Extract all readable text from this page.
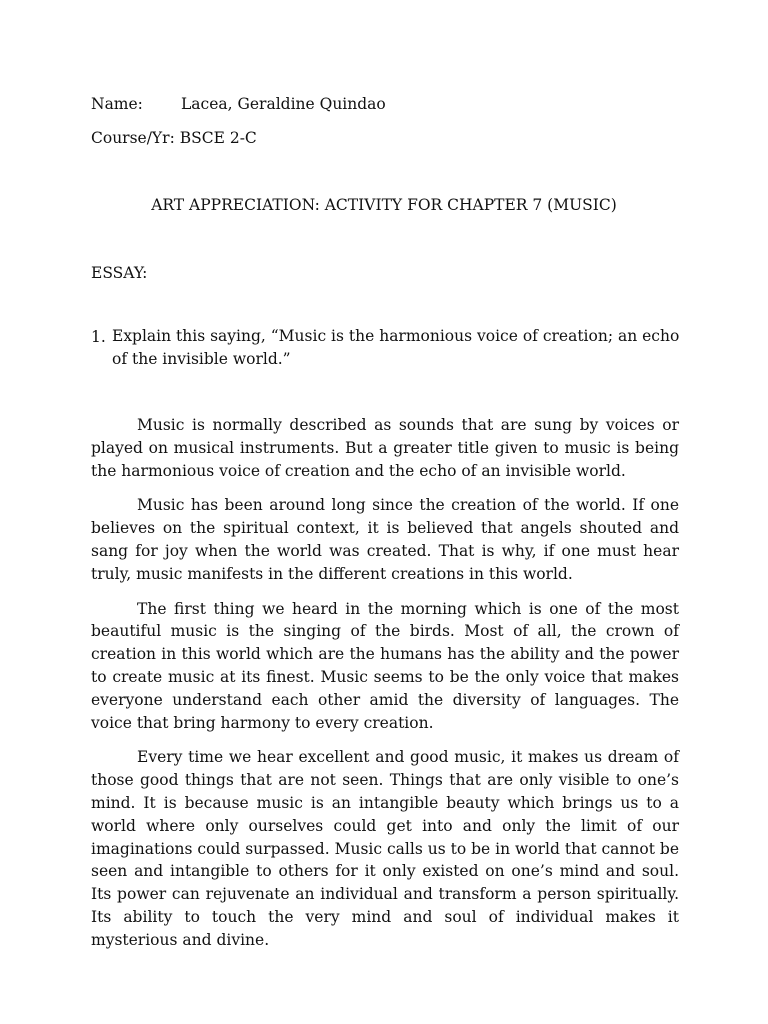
Name: Lacea, Geraldine Quindao
Course/Yr: BSCE 2-C
ART APPRECIATION: ACTIVITY FOR CHAPTER 7 (MUSIC)
ESSAY:
1. Explain this saying, “Music is the harmonious voice of creation; an echo of the invisible world.”

Music is normally described as sounds that are sung by voices or played on musical instruments. But a greater title given to music is being the harmonious voice of creation and the echo of an invisible world.

Music has been around long since the creation of the world. If one believes on the spiritual context, it is believed that angels shouted and sang for joy when the world was created. That is why, if one must hear truly, music manifests in the different creations in this world.

The first thing we heard in the morning which is one of the most beautiful music is the singing of the birds. Most of all, the crown of creation in this world which are the humans has the ability and the power to create music at its finest. Music seems to be the only voice that makes everyone understand each other amid the diversity of languages. The voice that bring harmony to every creation.

Every time we hear excellent and good music, it makes us dream of those good things that are not seen. Things that are only visible to one’s mind. It is because music is an intangible beauty which brings us to a world where only ourselves could get into and only the limit of our imaginations could surpassed. Music calls us to be in world that cannot be seen and intangible to others for it only existed on one’s mind and soul. Its power can rejuvenate an individual and transform a person spiritually. Its ability to touch the very mind and soul of individual makes it mysterious and divine.
